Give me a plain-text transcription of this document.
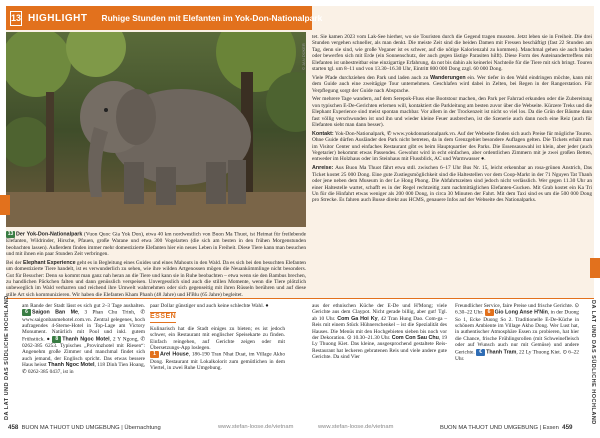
13 HIGHLIGHT Ruhige Stunden mit Elefanten im Yok-Don-Nationalpark
© JAN DÜKER

13 Der Yok-Don-Nationalpark (Vuon Quoc Gia Yok Don), etwa 40 km nordwestlich von Buon Ma Thuot, ist Heimat für freilebende Elefanten, Wildrinder, Hirsche, Pfauen, große Warane und etwa 300 Vogelarten (die sich am besten in den frühen Morgenstunden beobachten lassen). Außerdem finden immer mehr domestizierte Elefanten hier ein neues Leben in Freiheit. Diese Tiere kann man besuchen und mit ihnen ein paar Stunden Zeit verbringen.

Bei der Elephant Experience geht es in Begleitung eines Guides und eines Mahouts in den Wald. Da es sich bei den besuchten Elefanten um domestizierte Tiere handelt, ist es verwunderlich zu sehen, wie ihre wilden Artgenossen mögen die Neuankömmlinge nicht besonders. Gut für Besucher: Denn so kommt man ganz nah heran an die Tiere und kann sie in Ruhe beobachten – etwa wenn sie den Bambus brechen, zu handlichen Päckchen falten und dann genüsslich verspeisen. Unvergesslich sind auch die stillen Momente, wenn die Tiere plötzlich unbeweglich im Wald verharren und reichend ihre Umwelt wahrnehmen oder sich gegenseitig mit ihren Rüsseln berühren und auf diese stille Art sich kommunizieren. Wir haben die Elefanten Kham Phanh (48 Jahre) und H'Blu (65 Jahre) begleitet.

tet. Sie kamen 2023 vom Lak-See hierher, wo sie Touristen durch die Gegend tragen mussten. Jetzt leben sie in Freiheit. Die drei Stunden vergehen schneller, als man denkt. Die meiste Zeit sind die beiden Damen mit Fressen beschäftigt (fast 22 Stunden am Tag, denn sie sind, wie große Veganer ist es schwer, auf die nötige Kalorienzahl zu kommen). Manchmal gehen sie auch baden oder bewerfen sich mit Erde (ein Sonnenschutz, der auch gegen lästige Parasiten hilft). Diese Form des Auteinandertreffens mit Elefanten ist unbestreitbar eine einzigartige Erfahrung, da not bis dahin als keinerlei Nachteile für die Tiere mit sich bringt. Touren starten tgl. um 8–11 und von 13.30–16.30 Uhr, Eintritt 800 000 Dong zzgl. 60 000 Dong.

Viele Pfade durchziehen den Park und laden auch zu Wanderungen ein. Wer tiefer in den Wald eindringen möchte, kann mit dem Guide auch eine zweitägige Tour unternehmen. Geschlafen wird dabei in Zelten, bei Regen in der Rangerstation. Für Verpflegung sorgt der Guide nach Absprache.

Wer mehrere Tage wandern, auf dem Serepok-Fluss eine Bootstour machen, den Park per Fahrrad erkunden oder die Zubereitung von typischen E-De-Gerichten erlernen will, kontaktiert die Parkleitung am besten zuvor über die Webseite. Kürzere Treks und die Elephant Experience sind meist spontan machbar. Vor allem in der Trockenzeit ist nicht so viel los. Da die Grün der Bäume dann fast völlig verschwunden ist und ihn und wieder kleine Feuer ausbrechen, ist die Szenerie auch dann noch eine Reiz (auch für Elefanten sieht man dann besser).

Kontakt: Yok-Don-Nationalpark, ✆ www.yokdonnationalpark.vn. Auf der Webseite finden sich auch Preise für mögliche Touren. Ohne Guide dürfen Ausländer den Park nicht betreten, da in dem Grenzgebiet besondere Auflagen gelten. Die Tickets erhält man im Visitor Center und einfaches Restaurant gibt es beim Hauptquartier des Parks. Die Essensauswahl ist klein, aber jeder (auch Vegetarier) bekommt etwas Passendes. Gewohnt wird in echt einfachen, aber ordentlichen Zimmern mit je zwei großen Betten, entweder im Holzhaus oder im Steinhaus mit Flussblick, AC und Warmwasser ●.

Anreise: Aus Buon Ma Thuot fährt etwa stdl. zwischen 6–17 Uhr Bus Nr. 15, leicht erkennbar an rosa-grünen Anstrich, Das Ticket kostet 25 000 Dong. Eine gute Zustiegsmöglichkeit sind die Haltestellen vor dem Coop-Markt in der 71 Nguyen Tat Thanh oder jene neben dem Museum in der Le Hong Phong. Die Abfahrtszeiten sind jedoch nicht verlässlich. Wer gegen 11.30 Uhr an einer Haltestelle wartet, schafft es in der Regel rechtzeitig zum nachmittäglichen Elefanten-Gucken. Mit Grab kostet ein Ka Tri Un für die Hinfahrt etwas weniger als 200 000 Dong, in circa 30 Minuten der Fahrt. Mit dem Taxi sind es um die 500 000 Dong pro Strecke. Es fahren auch Busse direkt aus HCMS, genauere Infos auf der Webseite des Nationalparks.

am Rande der Stadt lässt es sich gut 2–3 Tage aushalten. 6 Saigon Ban Me, 3 Phan Chu Trinh, ✆ www.saigonbanmehotel.com.vn. Zentral gelegenes, hoch aufragendes 4-Sterne-Hotel in Top-Lage am Victory Monument. Natürlich mit Pool und inkl. gutem Frühstück. ● 8 Thanh Ngoc Motel, 2 Y Ngong, ✆ 0262-385 6253. Typisches „Provinzhotel mit Riesen“: Angenehm große Zimmer und manchmal findet sich auch jemand, der Englisch spricht. Das etwas bessere Haus heisst Thanh Ngoc Motel, 118 Dinh Tien Hoang, ✆ 0262-385 0437, ist in
paar Dollar günstiger und auch keine schlechte Wahl. ●
ESSEN
Kulinarisch hat die Stadt einiges zu bieten; es ist jedoch schwer, ein Restaurant mit englischer Speisekarte zu finden. Einfach reingehen, auf Gerichte zeigen oder mit Übersetzungs-App loslegen.
1 Arel House, 186-190 Tran Nhat Duat, im Village Akho Dong. Restaurant mit Lokalkolorit zum gemütlichen in dem Viertel, in zwei Ruhe Umgebung.
aus der ethnischen Küche der E-De und H'Mong; viele Gerichte aus dem Claypot. Nicht gerade billig, aber gut! Tgl. ab 10 Uhr. Com Ga Hoi Ky, 42 Tran Hung Dao. Com-ga – Reis mit einem Stück Hühnerschenkel – ist die Spezialität des Hauses. Die Menüs mit den Hochgebieten sieben bis noch vor der Dekoration. ⊙ 10.30–21.30 Uhr. Com Con Sau Chu, 19 Ly Thuong Kiet. Das kleine, ausgesprochend gestaltete Reis-Restaurant hat leckeren gebratenen Reis und viele andere gute Gerichte. Da sind Vier
Freundlicher Service, faire Preise und frische Gerichte. ⊙ 6.30–22 Uhr. 6 Gio Long Anse H'Nin, in der Duong So 1, Ecke Duong So 2. Traditionelle E-De-Küche in schönem Ambiente im Village Akho Dong. Wer Lust hat, in authentischer Atmosphäre Essen zu probieren, hat hier die Chance, frische Frühlingsrollen (mit Schweinefleisch oder auf Wunsch auch nur mit Gemüse) und andere Gerichte. € Thanh Tram, 22 Ly Thuong Kiet. ⊙ 6–22 Uhr.
DA LAT UND DAS SÜDLICHE HOCHLAND	DA LAT UND DAS SÜDLICHE HOCHLAND
458 BUON MA THUOT UND UMGEBUNG | Übernachtung	www.stefan-loose.de/vietnam	www.stefan-loose.de/vietnam	BUON MA THUOT UND UMGEBUNG | Essen 459
